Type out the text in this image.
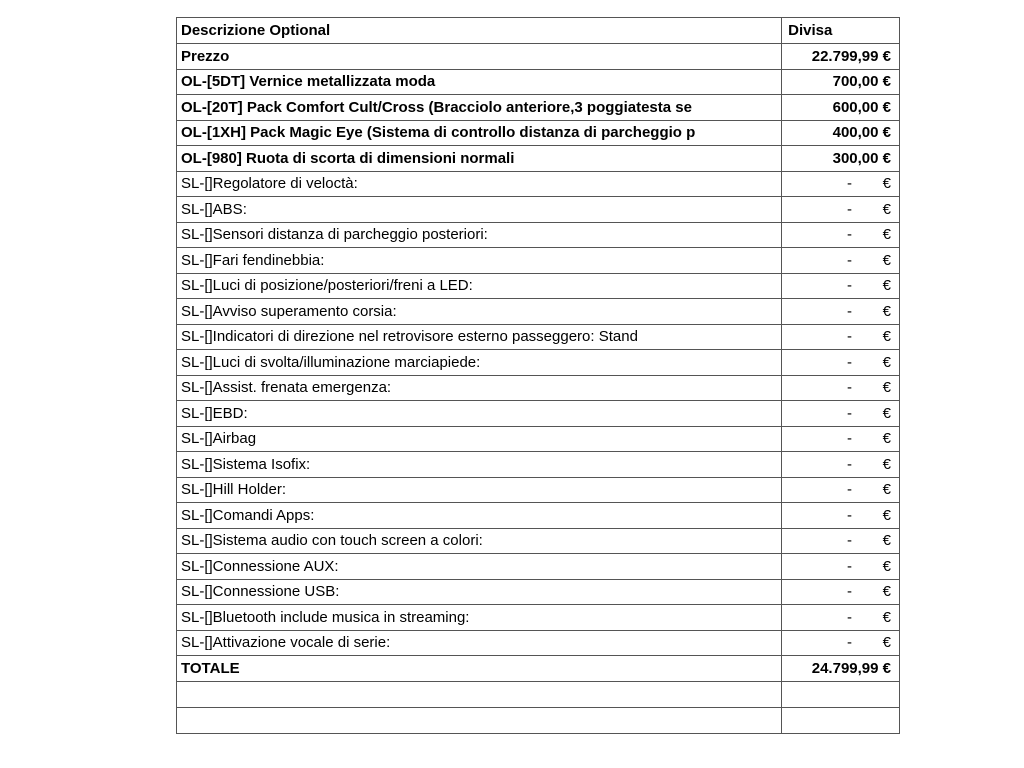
Descrizione Optional	Divisa
Prezzo	22.799,99 €
OL-[5DT] Vernice metallizzata moda	700,00 €
OL-[20T] Pack Comfort Cult/Cross (Bracciolo anteriore,3 poggiatesta se	600,00 €
OL-[1XH] Pack Magic Eye (Sistema di controllo distanza di parcheggio p	400,00 €
OL-[980] Ruota di scorta di dimensioni normali	300,00 €
SL-[]Regolatore di veloctà:	- €

SL-[]ABS:	- €

SL-[]Sensori distanza di parcheggio posteriori:	- €

SL-[]Fari fendinebbia:	- €

SL-[]Luci di posizione/posteriori/freni a LED:	- €

SL-[]Avviso superamento corsia:	- €

SL-[]Indicatori di direzione nel retrovisore esterno passeggero: Stand	- €

SL-[]Luci di svolta/illuminazione marciapiede:	- €

SL-[]Assist. frenata emergenza:	- €

SL-[]EBD:	- €

SL-[]Airbag	- €

SL-[]Sistema Isofix:	- €

SL-[]Hill Holder:	- €

SL-[]Comandi Apps:	- €

SL-[]Sistema audio con touch screen a colori:	- €

SL-[]Connessione AUX:	- €

SL-[]Connessione USB:	- €

SL-[]Bluetooth include musica in streaming:	- €

SL-[]Attivazione vocale di serie:	- €

TOTALE	24.799,99 €
